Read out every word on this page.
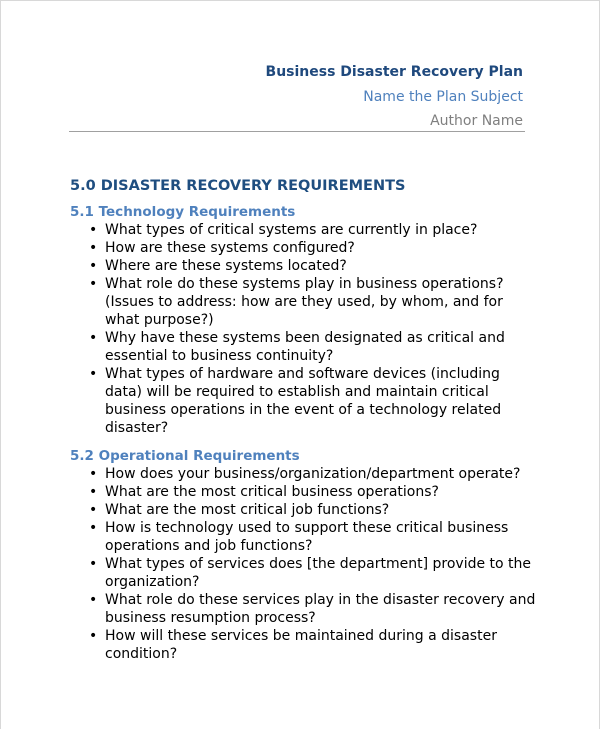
Business Disaster Recovery Plan
Name the Plan Subject
Author Name
5.0 DISASTER RECOVERY REQUIREMENTS
5.1 Technology Requirements
• What types of critical systems are currently in place?
• How are these systems configured?
• Where are these systems located?
• What role do these systems play in business operations?
(Issues to address: how are they used, by whom, and for
what purpose?)
• Why have these systems been designated as critical and
essential to business continuity?
• What types of hardware and software devices (including
data) will be required to establish and maintain critical
business operations in the event of a technology related
disaster?
5.2 Operational Requirements
• How does your business/organization/department operate?
• What are the most critical business operations?
• What are the most critical job functions?
• How is technology used to support these critical business
operations and job functions?
• What types of services does [the department] provide to the
organization?
• What role do these services play in the disaster recovery and
business resumption process?
• How will these services be maintained during a disaster
condition?
